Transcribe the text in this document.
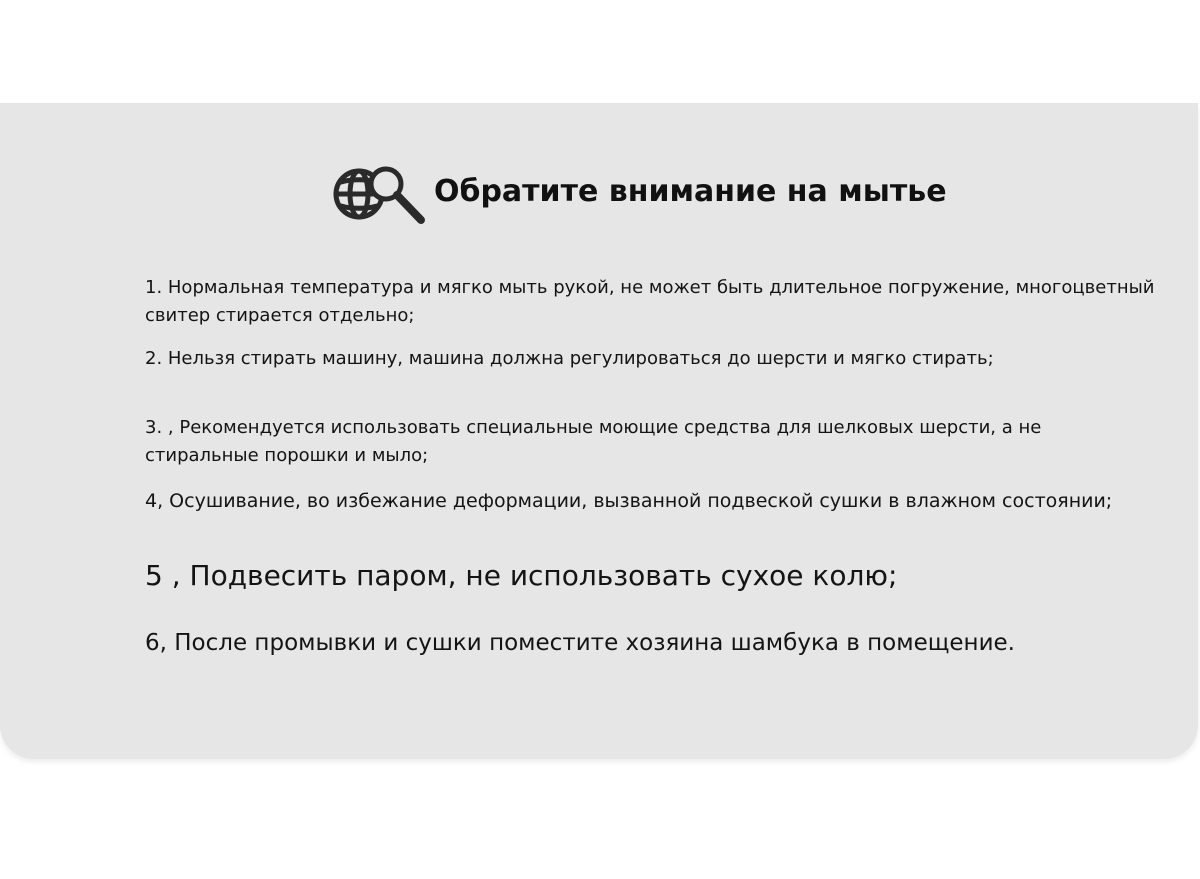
Обратите внимание на мытье

1. Нормальная температура и мягко мыть рукой, не может быть длительное погружение, многоцветный свитер стирается отдельно;

2. Нельзя стирать машину, машина должна регулироваться до шерсти и мягко стирать;

3. , Рекомендуется использовать специальные моющие средства для шелковых шерсти, а не стиральные порошки и мыло;

4, Осушивание, во избежание деформации, вызванной подвеской сушки в влажном состоянии;

5 , Подвесить паром, не использовать сухое колю;

6, После промывки и сушки поместите хозяина шамбука в помещение.
